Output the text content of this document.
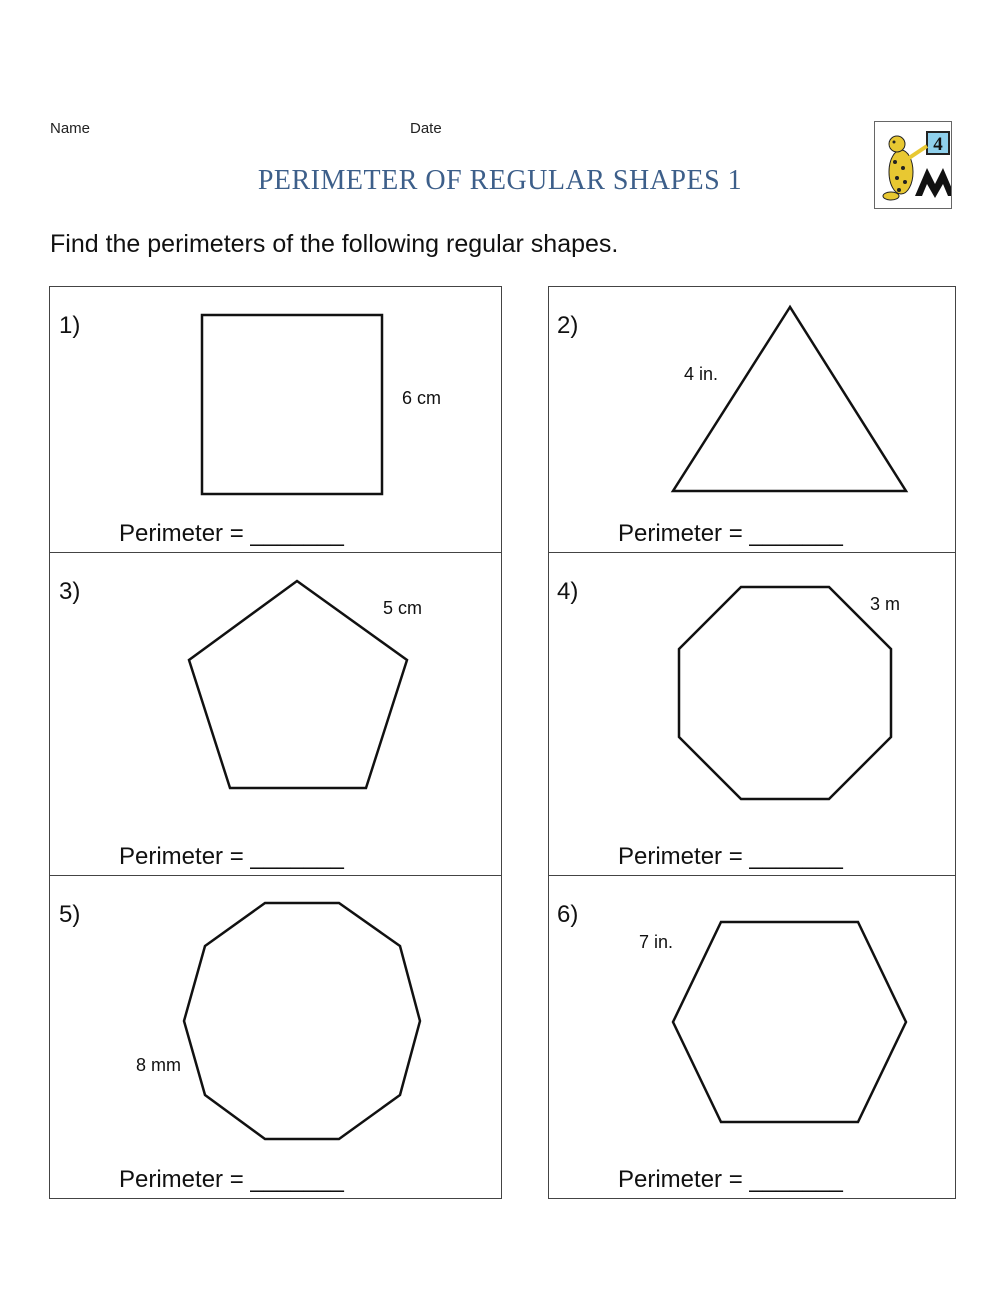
Name	Date
PERIMETER OF REGULAR SHAPES 1
Find the perimeters of the following regular shapes.
4
1)
6 cm
Perimeter = _______
2)
4 in.
Perimeter = _______
3)
5 cm
Perimeter = _______
4)	3 m
Perimeter = _______
5)
8 mm
Perimeter = _______
6)
7 in.
Perimeter = _______
